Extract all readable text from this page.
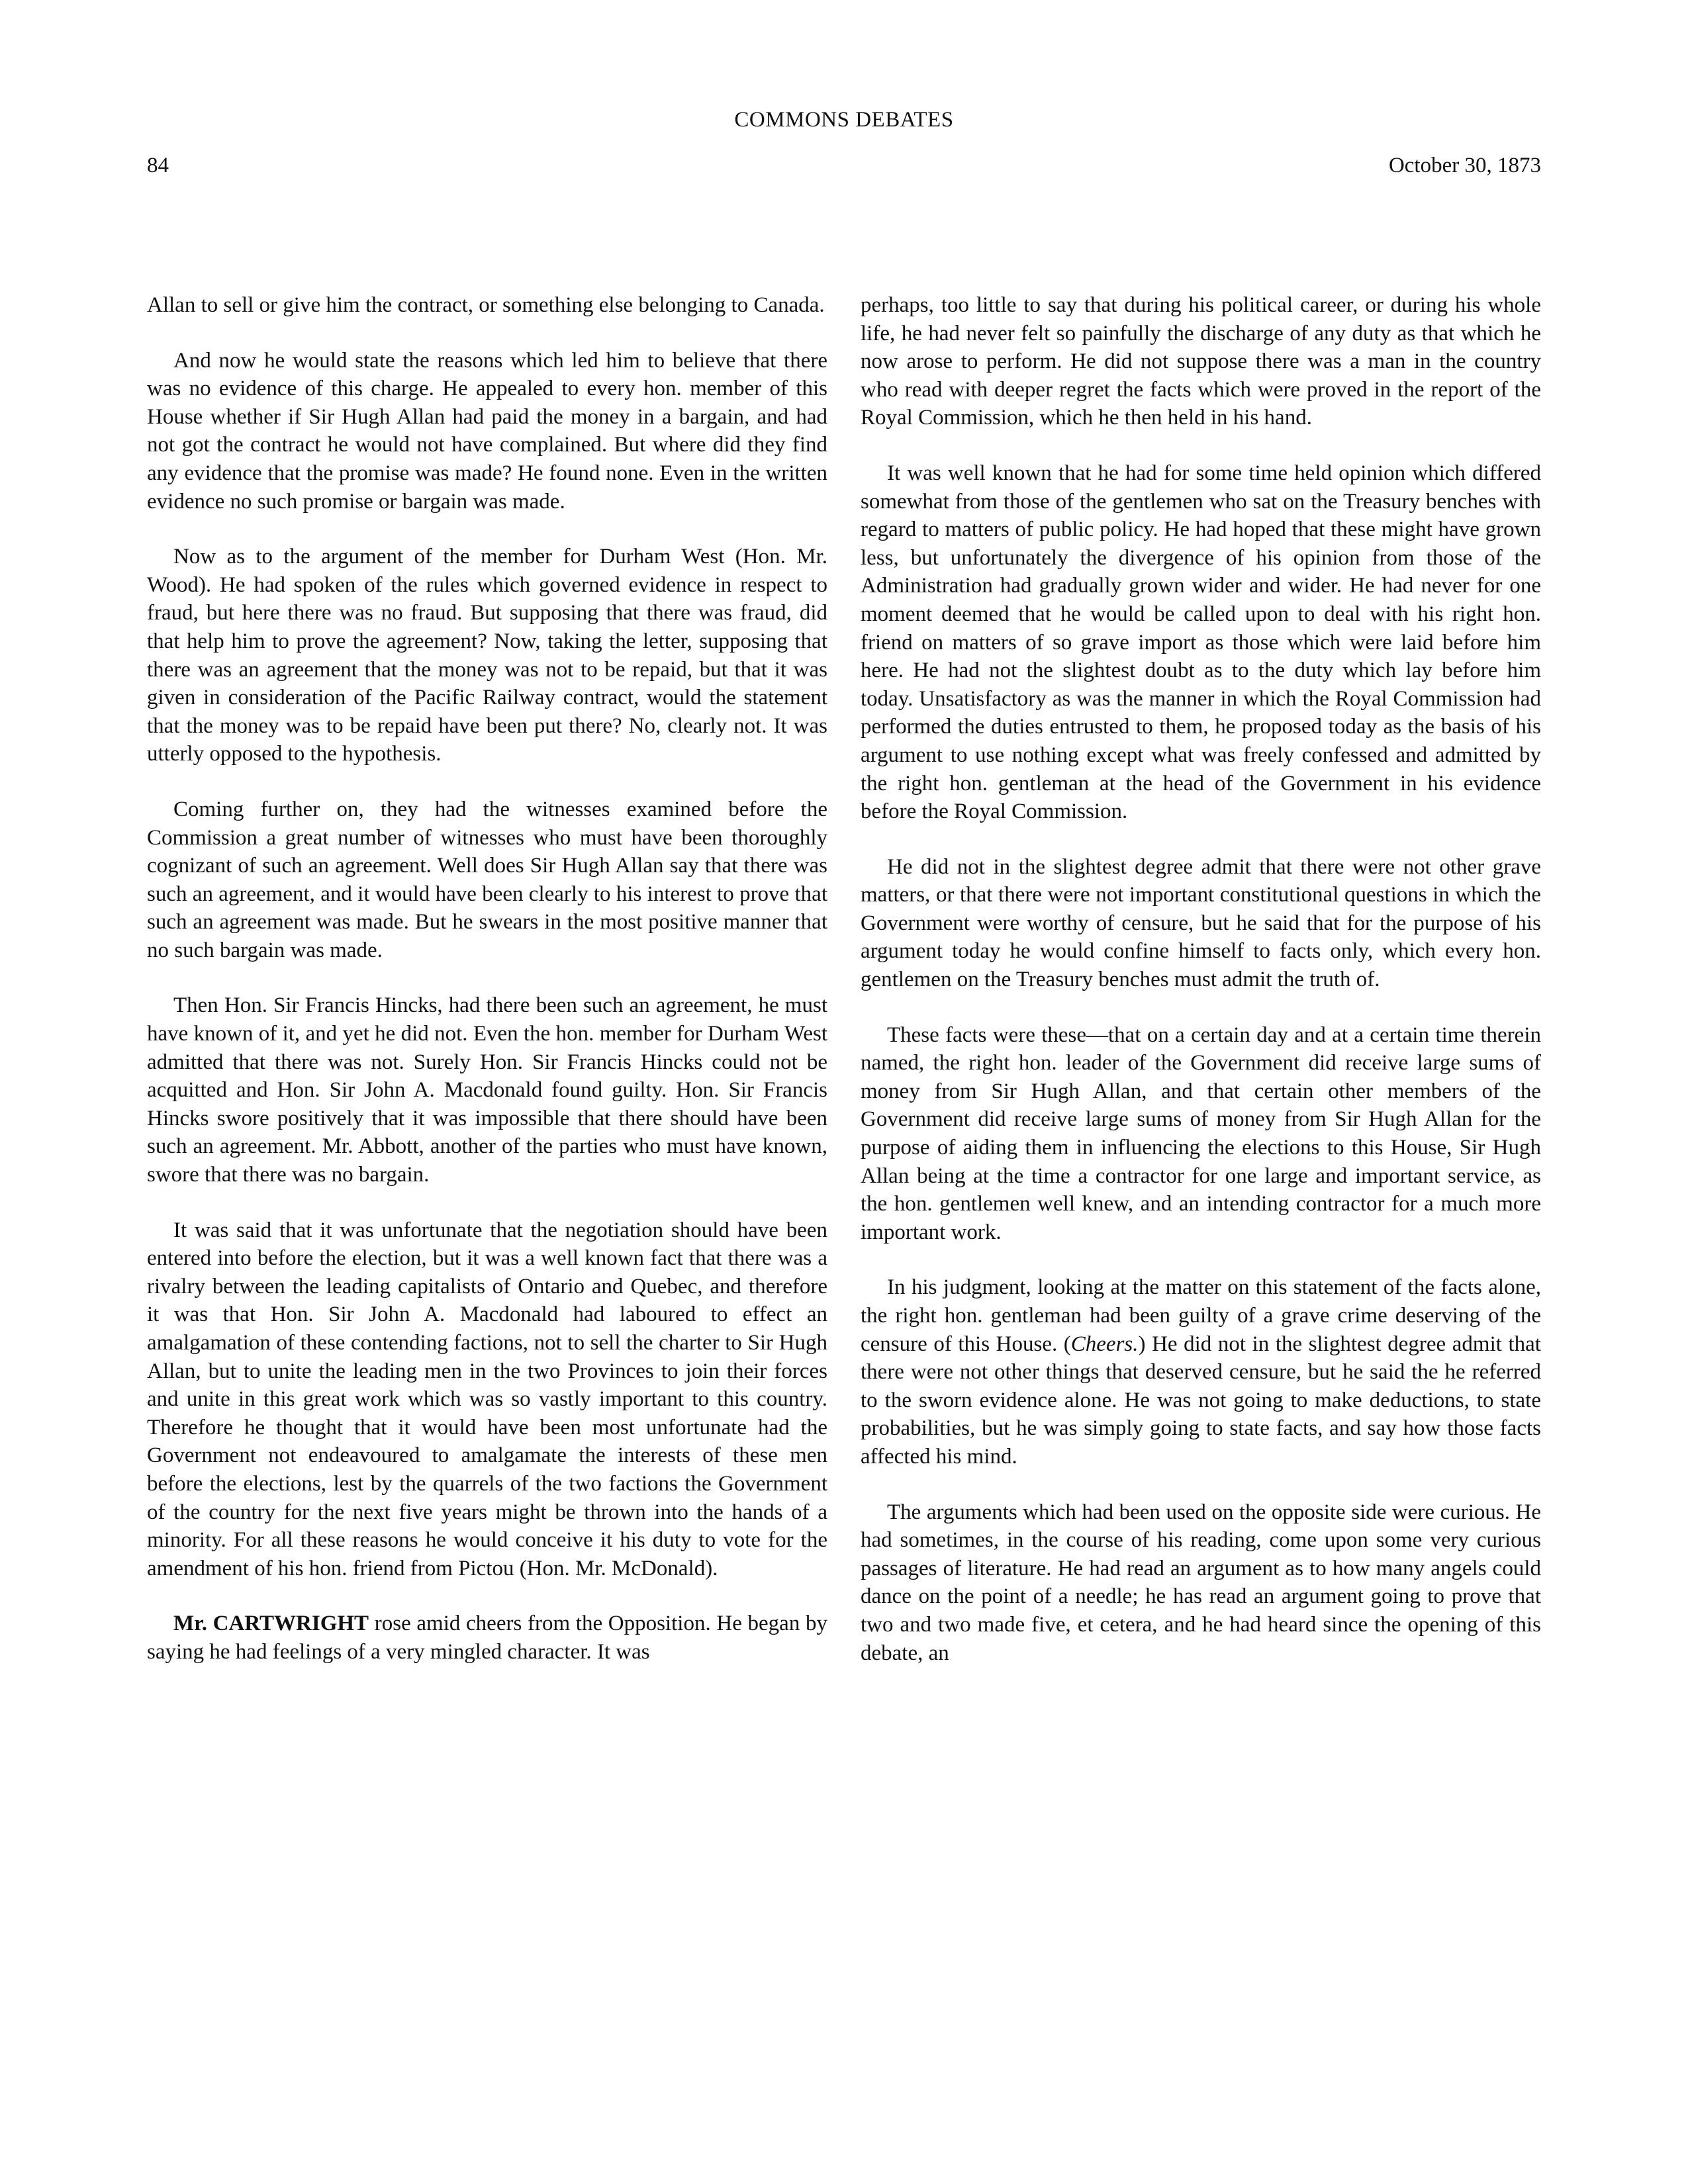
COMMONS DEBATES
84	October 30, 1873

Allan to sell or give him the contract, or something else belonging to Canada.

And now he would state the reasons which led him to believe that there was no evidence of this charge. He appealed to every hon. member of this House whether if Sir Hugh Allan had paid the money in a bargain, and had not got the contract he would not have complained. But where did they find any evidence that the promise was made? He found none. Even in the written evidence no such promise or bargain was made.

Now as to the argument of the member for Durham West (Hon. Mr. Wood). He had spoken of the rules which governed evidence in respect to fraud, but here there was no fraud. But supposing that there was fraud, did that help him to prove the agreement? Now, taking the letter, supposing that there was an agreement that the money was not to be repaid, but that it was given in consideration of the Pacific Railway contract, would the statement that the money was to be repaid have been put there? No, clearly not. It was utterly opposed to the hypothesis.

Coming further on, they had the witnesses examined before the Commission a great number of witnesses who must have been thoroughly cognizant of such an agreement. Well does Sir Hugh Allan say that there was such an agreement, and it would have been clearly to his interest to prove that such an agreement was made. But he swears in the most positive manner that no such bargain was made.

Then Hon. Sir Francis Hincks, had there been such an agreement, he must have known of it, and yet he did not. Even the hon. member for Durham West admitted that there was not. Surely Hon. Sir Francis Hincks could not be acquitted and Hon. Sir John A. Macdonald found guilty. Hon. Sir Francis Hincks swore positively that it was impossible that there should have been such an agreement. Mr. Abbott, another of the parties who must have known, swore that there was no bargain.

It was said that it was unfortunate that the negotiation should have been entered into before the election, but it was a well known fact that there was a rivalry between the leading capitalists of Ontario and Quebec, and therefore it was that Hon. Sir John A. Macdonald had laboured to effect an amalgamation of these contending factions, not to sell the charter to Sir Hugh Allan, but to unite the leading men in the two Provinces to join their forces and unite in this great work which was so vastly important to this country. Therefore he thought that it would have been most unfortunate had the Government not endeavoured to amalgamate the interests of these men before the elections, lest by the quarrels of the two factions the Government of the country for the next five years might be thrown into the hands of a minority. For all these reasons he would conceive it his duty to vote for the amendment of his hon. friend from Pictou (Hon. Mr. McDonald).

Mr. CARTWRIGHT rose amid cheers from the Opposition. He began by saying he had feelings of a very mingled character. It was

perhaps, too little to say that during his political career, or during his whole life, he had never felt so painfully the discharge of any duty as that which he now arose to perform. He did not suppose there was a man in the country who read with deeper regret the facts which were proved in the report of the Royal Commission, which he then held in his hand.

It was well known that he had for some time held opinion which differed somewhat from those of the gentlemen who sat on the Treasury benches with regard to matters of public policy. He had hoped that these might have grown less, but unfortunately the divergence of his opinion from those of the Administration had gradually grown wider and wider. He had never for one moment deemed that he would be called upon to deal with his right hon. friend on matters of so grave import as those which were laid before him here. He had not the slightest doubt as to the duty which lay before him today. Unsatisfactory as was the manner in which the Royal Commission had performed the duties entrusted to them, he proposed today as the basis of his argument to use nothing except what was freely confessed and admitted by the right hon. gentleman at the head of the Government in his evidence before the Royal Commission.

He did not in the slightest degree admit that there were not other grave matters, or that there were not important constitutional questions in which the Government were worthy of censure, but he said that for the purpose of his argument today he would confine himself to facts only, which every hon. gentlemen on the Treasury benches must admit the truth of.

These facts were these—that on a certain day and at a certain time therein named, the right hon. leader of the Government did receive large sums of money from Sir Hugh Allan, and that certain other members of the Government did receive large sums of money from Sir Hugh Allan for the purpose of aiding them in influencing the elections to this House, Sir Hugh Allan being at the time a contractor for one large and important service, as the hon. gentlemen well knew, and an intending contractor for a much more important work.

In his judgment, looking at the matter on this statement of the facts alone, the right hon. gentleman had been guilty of a grave crime deserving of the censure of this House. (Cheers.) He did not in the slightest degree admit that there were not other things that deserved censure, but he said the he referred to the sworn evidence alone. He was not going to make deductions, to state probabilities, but he was simply going to state facts, and say how those facts affected his mind.

The arguments which had been used on the opposite side were curious. He had sometimes, in the course of his reading, come upon some very curious passages of literature. He had read an argument as to how many angels could dance on the point of a needle; he has read an argument going to prove that two and two made five, et cetera, and he had heard since the opening of this debate, an
